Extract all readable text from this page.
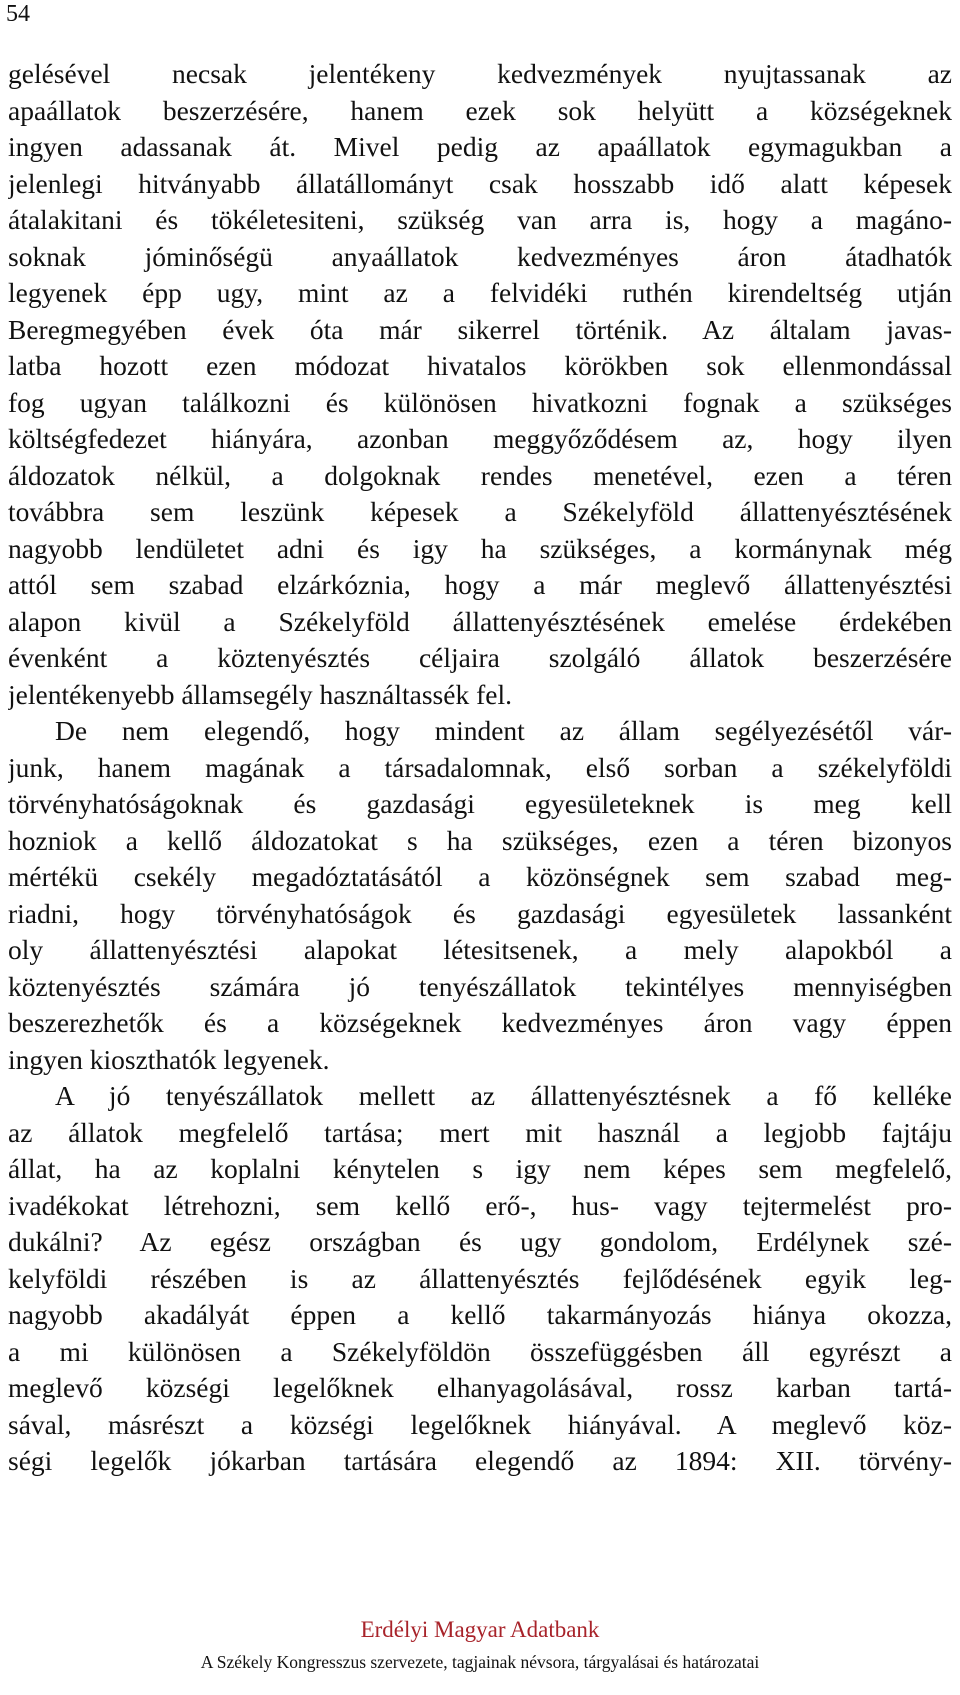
54
gelésével necsak jelentékeny kedvezmények nyujtassanak az
apaállatok beszerzésére, hanem ezek sok helyütt a községeknek
ingyen adassanak át. Mivel pedig az apaállatok egymagukban a
jelenlegi hitványabb állatállományt csak hosszabb idő alatt képesek
átalakitani és tökéletesiteni, szükség van arra is, hogy a magáno-
soknak jóminőségü anyaállatok kedvezményes áron átadhatók
legyenek épp ugy, mint az a felvidéki ruthén kirendeltség utján
Beregmegyében évek óta már sikerrel történik. Az általam javas-
latba hozott ezen módozat hivatalos körökben sok ellenmondással
fog ugyan találkozni és különösen hivatkozni fognak a szükséges
költségfedezet hiányára, azonban meggyőződésem az, hogy ilyen
áldozatok nélkül, a dolgoknak rendes menetével, ezen a téren
továbbra sem leszünk képesek a Székelyföld állattenyésztésének
nagyobb lendületet adni és igy ha szükséges, a kormánynak még
attól sem szabad elzárkóznia, hogy a már meglevő állattenyésztési
alapon kivül a Székelyföld állattenyésztésének emelése érdekében
évenként a köztenyésztés céljaira szolgáló állatok beszerzésére
jelentékenyebb államsegély használtassék fel.
De nem elegendő, hogy mindent az állam segélyezésétől vár-
junk, hanem magának a társadalomnak, első sorban a székelyföldi
törvényhatóságoknak és gazdasági egyesületeknek is meg kell
hozniok a kellő áldozatokat s ha szükséges, ezen a téren bizonyos
mértékü csekély megadóztatásától a közönségnek sem szabad meg-
riadni, hogy törvényhatóságok és gazdasági egyesületek lassanként
oly állattenyésztési alapokat létesitsenek, a mely alapokból a
köztenyésztés számára jó tenyészállatok tekintélyes mennyiségben
beszerezhetők és a községeknek kedvezményes áron vagy éppen
ingyen kioszthatók legyenek.
A jó tenyészállatok mellett az állattenyésztésnek a fő kelléke
az állatok megfelelő tartása; mert mit használ a legjobb fajtáju
állat, ha az koplalni kénytelen s igy nem képes sem megfelelő,
ivadékokat létrehozni, sem kellő erő-, hus- vagy tejtermelést pro-
dukálni? Az egész országban és ugy gondolom, Erdélynek szé-
kelyföldi részében is az állattenyésztés fejlődésének egyik leg-
nagyobb akadályát éppen a kellő takarmányozás hiánya okozza,
a mi különösen a Székelyföldön összefüggésben áll egyrészt a
meglevő községi legelőknek elhanyagolásával, rossz karban tartá-
sával, másrészt a községi legelőknek hiányával. A meglevő köz-
ségi legelők jókarban tartására elegendő az 1894: XII. törvény-
Erdélyi Magyar Adatbank
A Székely Kongresszus szervezete, tagjainak névsora, tárgyalásai és határozatai
